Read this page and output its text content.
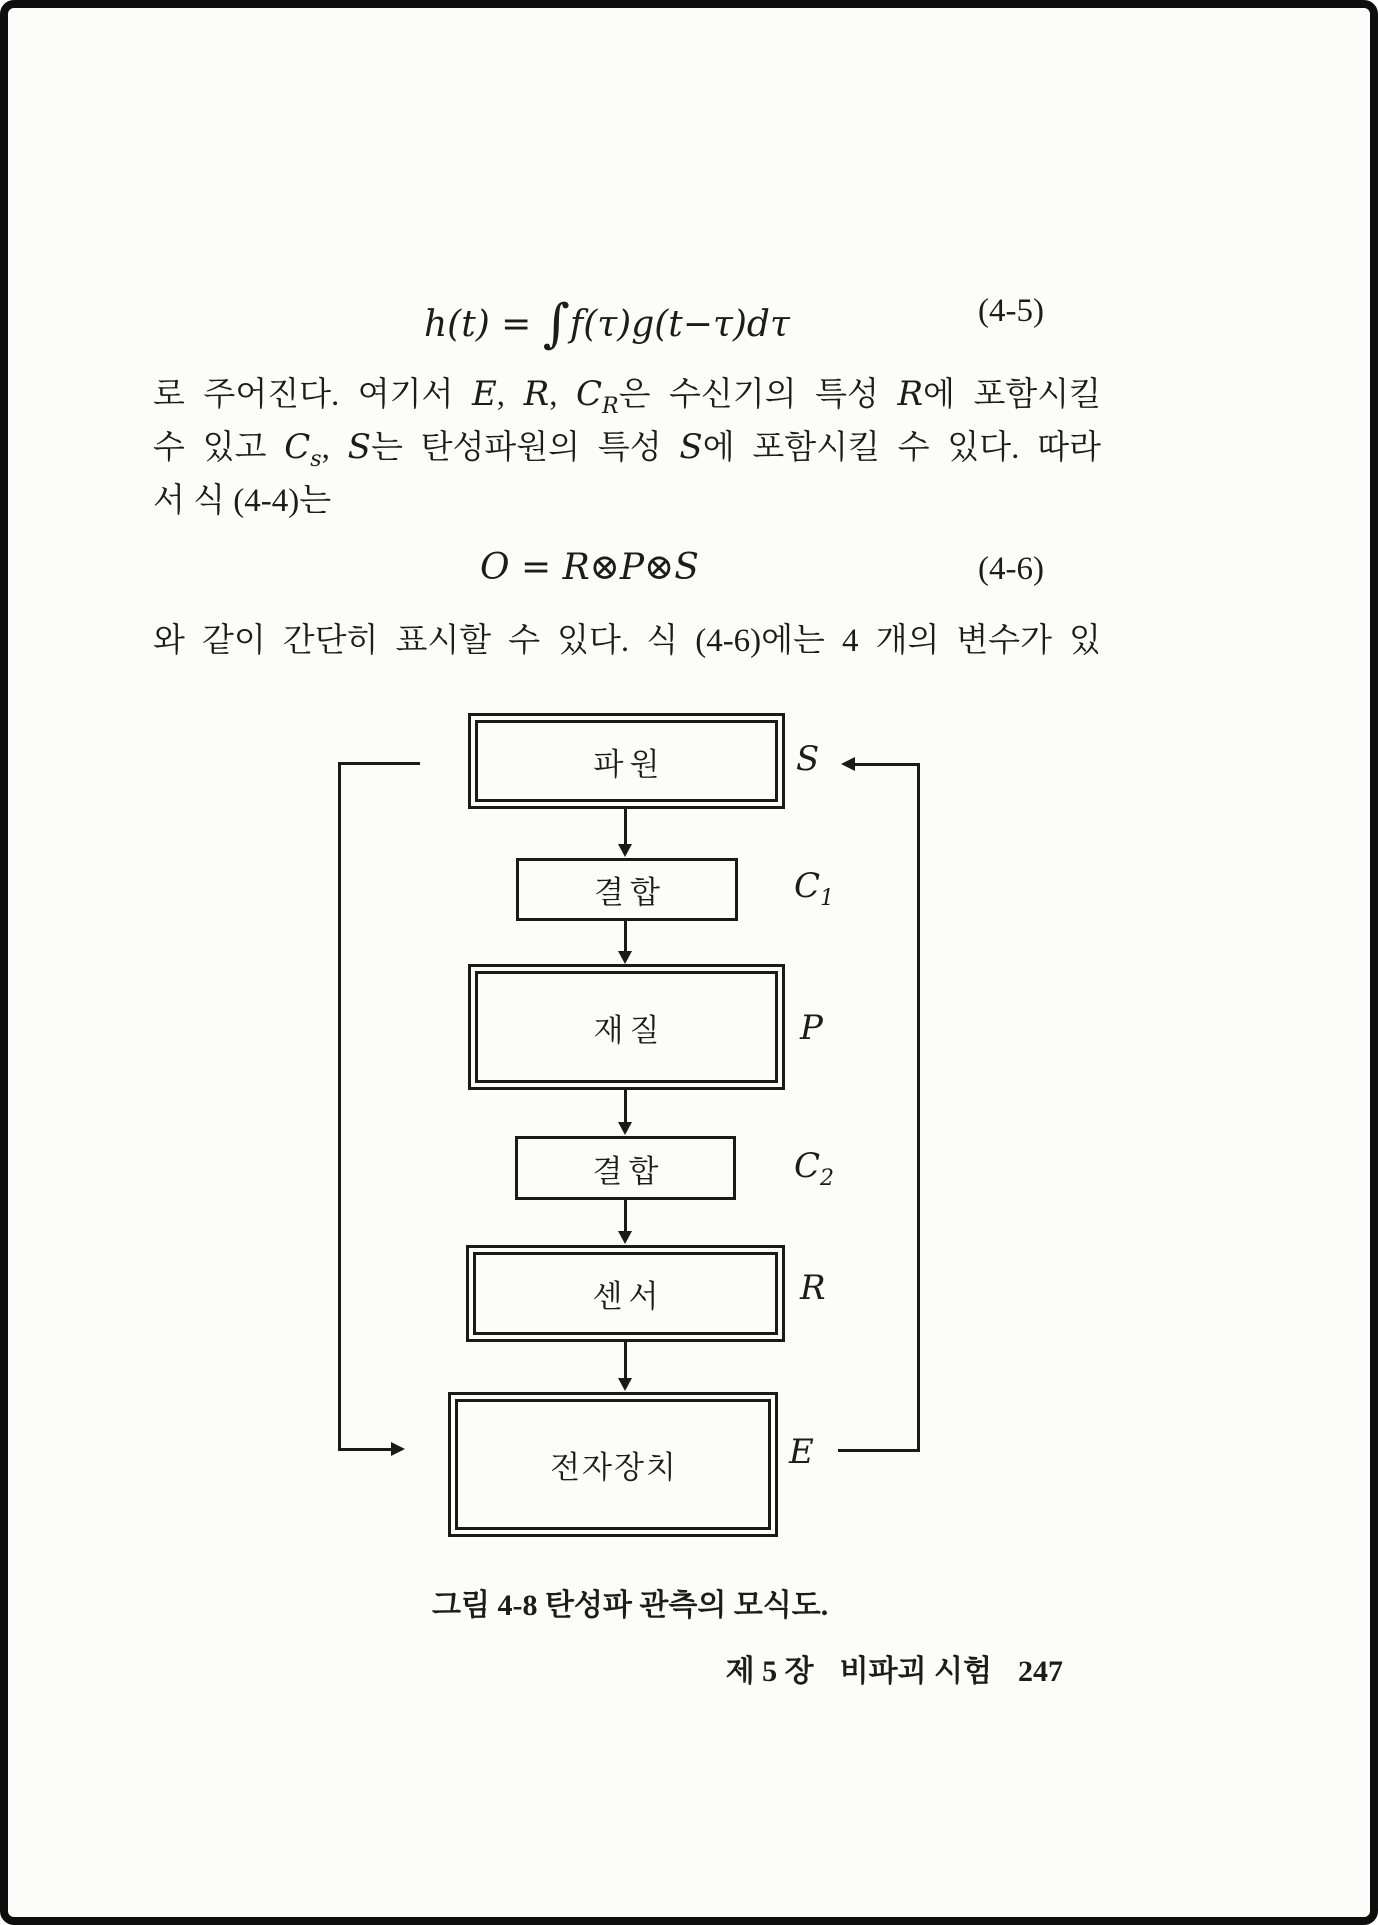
h(t) = ∫f(τ)g(t−τ)dτ	(4-5)
로 주어진다. 여기서 E, R, $C_R$은 수신기의 특성 R에 포함시킬
수 있고 $C_s$, S는 탄성파원의 특성 S에 포함시킬 수 있다. 따라
서 식 (4-4)는
O = R⊗P⊗S	(4-6)
와 같이 간단히 표시할 수 있다. 식 (4-6)에는 4 개의 변수가 있
파원	S
결합	$C_1$
재질	P
결합	$C_2$
센서	R
전자장치	E
그림 4-8 탄성파 관측의 모식도.
제 5 장 비파괴 시험 247
